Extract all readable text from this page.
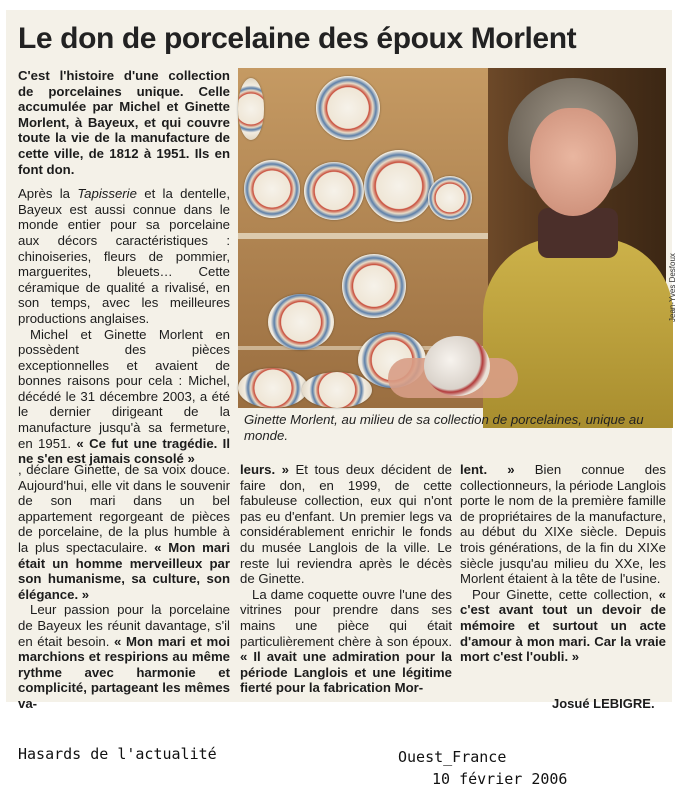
Le don de porcelaine des époux Morlent

C'est l'histoire d'une collection de porcelaines unique. Celle accumulée par Michel et Ginette Morlent, à Bayeux, et qui couvre toute la vie de la manufacture de cette ville, de 1812 à 1951. Ils en font don.

Après la Tapisserie et la dentelle, Bayeux est aussi connue dans le monde entier pour sa porcelaine aux décors caractéristiques : chinoiseries, fleurs de pommier, marguerites, bleuets… Cette céramique de qualité a rivalisé, en son temps, avec les meilleures productions anglaises.

Michel et Ginette Morlent en possèdent des pièces exceptionnelles et avaient de bonnes raisons pour cela : Michel, décédé le 31 décembre 2003, a été le dernier dirigeant de la manufacture jusqu'à sa fermeture, en 1951. « Ce fut une tragédie. Il ne s'en est jamais consolé »

Jean-Yves Desfoux
Ginette Morlent, au milieu de sa collection de porcelaines, unique au monde.

, déclare Ginette, de sa voix douce. Aujourd'hui, elle vit dans le souvenir de son mari dans un bel appartement regorgeant de pièces de porcelaine, de la plus humble à la plus spectaculaire. « Mon mari était un homme merveilleux par son humanisme, sa culture, son élégance. »

Leur passion pour la porcelaine de Bayeux les réunit davantage, s'il en était besoin. « Mon mari et moi marchions et respirions au même rythme avec harmonie et complicité, partageant les mêmes va-

leurs. » Et tous deux décident de faire don, en 1999, de cette fabuleuse collection, eux qui n'ont pas eu d'enfant. Un premier legs va considérablement enrichir le fonds du musée Langlois de la ville. Le reste lui reviendra après le décès de Ginette.

La dame coquette ouvre l'une des vitrines pour prendre dans ses mains une pièce qui était particulièrement chère à son époux. « Il avait une admiration pour la période Langlois et une légitime fierté pour la fabrication Mor-

lent. » Bien connue des collectionneurs, la période Langlois porte le nom de la première famille de propriétaires de la manufacture, au début du XIXe siècle. Depuis trois générations, de la fin du XIXe siècle jusqu'au milieu du XXe, les Morlent étaient à la tête de l'usine.

Pour Ginette, cette collection, « c'est avant tout un devoir de mémoire et surtout un acte d'amour à mon mari. Car la vraie mort c'est l'oubli. »

Josué LEBIGRE.
Hasards de l'actualité	Ouest_France
10 février 2006
